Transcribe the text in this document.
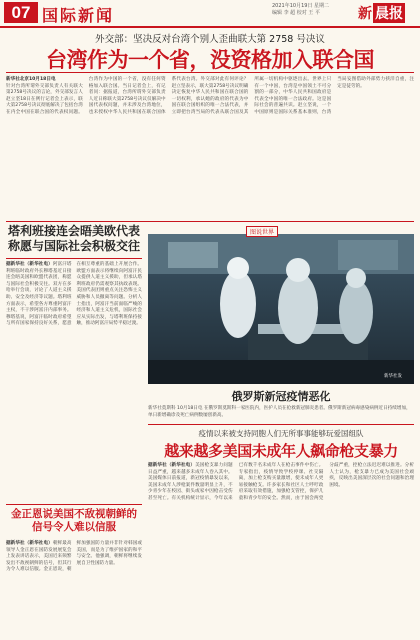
07 国际新闻	2021年10月19日 星期二
编辑 李 超 校对 王 平	新 晨报
外交部：坚决反对台湾个别人歪曲联大第 2758 号决议
台湾作为一个省，没资格加入联合国

新华社北京10月18日电
针对台湾所谓外交部负责人有关联大第2758号决议的言论，外交部发言人赵立坚18日在例行记者会上表示，联大第2758号决议彻底解决了包括台湾在内全中国在联合国的代表权问题。台湾作为中国的一个省，没有任何资格加入联合国。当日记者会上，有记者问：据报道，台湾所谓外交部负责人近日称联大第2758号决议仅解决中国代表权问题，并未涉及台湾地位，也未授权中华人民共和国在联合国体系代表台湾。外交部对此有何评论？赵立坚表示，联大第2758号决议明确决定恢复中华人民共和国在联合国的一切权利，承认她的政府的代表为中国在联合国组织的唯一合法代表，并立即把台湾当局的代表从联合国及其所属一切机构中驱逐出去。世界上只有一个中国，台湾是中国领土不可分割的一部分，中华人民共和国政府是代表全中国的唯一合法政府。这是国际社会的普遍共识。赵立坚说，一个中国原则是国际关系基本准则，台湾当局妄图借助外部势力挟洋自重，注定是徒劳的。

塔利班接连会晤美欧代表称愿与国际社会积极交往

据新华社（新华社电）阿富汗塔利班临时政府外长穆塔基近日接连会晤美国和欧盟代表团，称愿与国际社会积极交往。双方在多哈举行会谈，讨论了人道主义援助、安全及经济等议题。塔利班方面表示，希望各方尊重阿富汗主权，不干涉阿富汗内部事务。穆塔基说，阿富汗临时政府希望与所有国家保持良好关系，愿意在相互尊重的基础上开展合作。欧盟方面表示将继续向阿富汗民众提供人道主义援助，但承认塔利班政府仍需观察其执政表现。美国代表团则重点关注恐怖主义威胁和人员撤离等问题。分析人士指出，阿富汗当前面临严峻的经济和人道主义危机，国际社会应从实际出发，与塔利班保持接触，推动阿富汗局势平稳过渡。

图说世界
新华社发
俄罗斯新冠疫情恶化
新华社莫斯科 10月18日电 在俄罗斯莫斯科一家医院内，医护人员在抢救新冠肺炎患者。俄罗斯新冠病毒感染病例近日持续增加，单日新增确诊及死亡病例数屡创新高。
疫情以来被支持同胞人们无所事事能够玩爱国组队
越来越多美国未成年人飙命枪支暴力

据新华社（新华社电）美国枪支暴力问题日益严重，越来越多未成年人卷入其中。美国媒体日前报道，新冠疫情暴发以来，美国未成年人涉枪案件数量明显上升，不少青少年在校园、街头或家中因枪击受伤甚至死亡。有关机构统计显示，今年以来已有数千名未成年人在枪击事件中伤亡。专家指出，疫情导致学校停课、社交隔离，加上枪支购买量激增，使未成年人更易接触枪支。许多家长和社区人士呼吁政府采取有效措施，加强枪支管控，保护儿童和青少年的安全。然而，由于国会两党分歧严重，控枪立法迟迟难以推进。分析人士认为，枪支暴力已成为美国社会顽疾，反映出美国深层次的社会问题和治理困境。

金正恩说美国不敌视朝鲜的信号令人难以信服

据新华社（新华社电）朝鲜最高领导人金正恩在国防发展展览会上发表讲话表示，美国近来频繁发出不敌视朝鲜的信号，但其行为令人难以信服。金正恩说，朝鲜加强国防力量并非针对韩国或美国，而是为了维护国家的和平与安全。他强调，朝鲜将继续发展自卫性国防力量。
